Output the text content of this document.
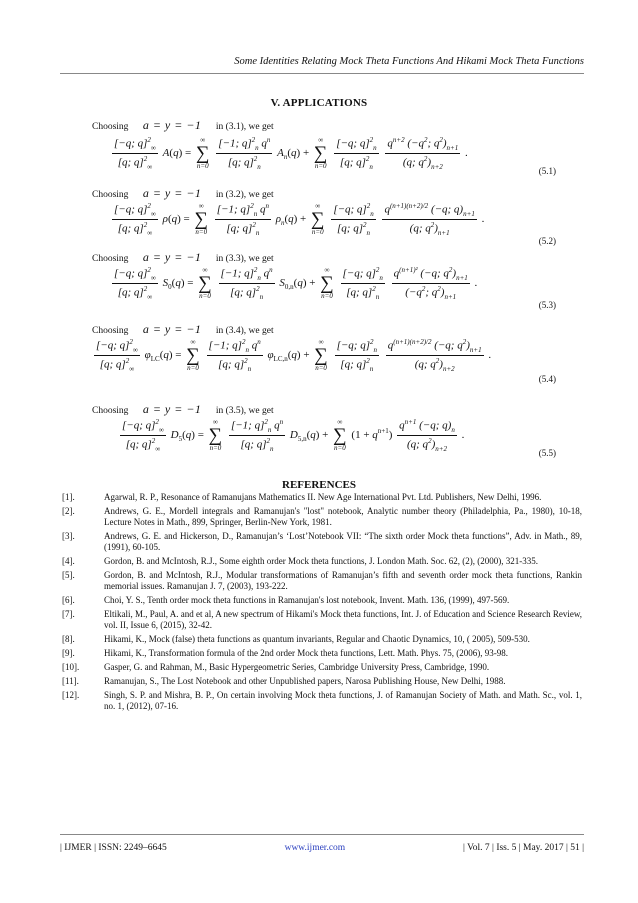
Some Identities Relating Mock Theta Functions And Hikami Mock Theta Functions
V. APPLICATIONS
Choosing a = y = −1 in (3.1), we get
$\frac{[-q; q]^2_\infty}{[q; q]^2_\infty} A(q)$ =
∞
∑
n=0
$\frac{[-1; q]^2_n q^n}{[q; q]^2_n} A_n(q)$ +
∞
∑
n=0
$\frac{[-q; q]^2_n}{[q; q]^2_n}$
$\frac{q^{n+2} (-q^2; q^2)_{n+1}}{(q; q^2)_{n+2}}$ .
(5.1)
Choosing a = y = −1 in (3.2), we get
$\frac{[-q; q]^2_\infty}{[q; q]^2_\infty} \rho(q)$ =
∞
∑
n=0
$\frac{[-1; q]^2_n q^n}{[q; q]^2_n} \rho_n(q)$ +
∞
∑
n=0
$\frac{[-q; q]^2_n}{[q; q]^2_n}$
$\frac{q^{(n+1)(n+2)/2} (-q; q)_{n+1}}{(q; q^2)_{n+1}}$ .
(5.2)
Choosing a = y = −1 in (3.3), we get
$\frac{[-q; q]^2_\infty}{[q; q]^2_\infty} S_0(q)$ =
∞
∑
n=0
$\frac{[-1; q]^2_n q^n}{[q; q]^2_n} S_{0,n}(q)$ +
∞
∑
n=0
$\frac{[-q; q]^2_n}{[q; q]^2_n}$
$\frac{q^{(n+1)^2} (-q; q^2)_{n+1}}{(-q^2; q^2)_{n+1}}$ .
(5.3)
Choosing a = y = −1 in (3.4), we get
$\frac{[-q; q]^2_\infty}{[q; q]^2_\infty} \varphi_{LC}(q)$ =
∞
∑
n=0
$\frac{[-1; q]^2_n q^n}{[q; q]^2_n} \varphi_{LC,n}(q)$ +
∞
∑
n=0
$\frac{[-q; q]^2_n}{[q; q]^2_n}$
$\frac{q^{(n+1)(n+2)/2} (-q; q^2)_{n+1}}{(q; q^2)_{n+2}}$ .
(5.4)
Choosing a = y = −1 in (3.5), we get
$\frac{[-q; q]^2_\infty}{[q; q]^2_\infty} D_5(q)$ =
∞
∑
n=0
$\frac{[-1; q]^2_n q^n}{[q; q]^2_n} D_{5,n}(q)$ +
∞
∑
n=0
$(1 + q^{n+1}) \frac{q^{n+1} (-q; q)_n}{(q; q^2)_{n+2}}$ .
(5.5)
REFERENCES
[1].	Agarwal, R. P., Resonance of Ramanujans Mathematics II. New Age International Pvt. Ltd. Publishers, New Delhi, 1996.
[2].	Andrews, G. E., Mordell integrals and Ramanujan's "lost" notebook, Analytic number theory (Philadelphia, Pa., 1980), 10-18, Lecture Notes in Math., 899, Springer, Berlin-New York, 1981.
[3].	Andrews, G. E. and Hickerson, D., Ramanujan’s ‘Lost’Notebook VII: “The sixth order Mock theta functions”, Adv. in Math., 89, (1991), 60-105.
[4].	Gordon, B. and McIntosh, R.J., Some eighth order Mock theta functions, J. London Math. Soc. 62, (2), (2000), 321-335.
[5].	Gordon, B. and McIntosh, R.J., Modular transformations of Ramanujan’s fifth and seventh order mock theta functions, Rankin memorial issues. Ramanujan J. 7, (2003), 193-222.
[6].	Choi, Y. S., Tenth order mock theta functions in Ramanujan's lost notebook, Invent. Math. 136, (1999), 497-569.
[7].	Eltikali, M., Paul, A. and et al, A new spectrum of Hikami's Mock theta functions, Int. J. of Education and Science Research Review, vol. II, Issue 6, (2015), 32-42.
[8].	Hikami, K., Mock (false) theta functions as quantum invariants, Regular and Chaotic Dynamics, 10, ( 2005), 509-530.
[9].	Hikami, K., Transformation formula of the 2nd order Mock theta functions, Lett. Math. Phys. 75, (2006), 93-98.
[10].	Gasper, G. and Rahman, M., Basic Hypergeometric Series, Cambridge University Press, Cambridge, 1990.
[11].	Ramanujan, S., The Lost Notebook and other Unpublished papers, Narosa Publishing House, New Delhi, 1988.
[12].	Singh, S. P. and Mishra, B. P., On certain involving Mock theta functions, J. of Ramanujan Society of Math. and Math. Sc., vol. 1, no. 1, (2012), 07-16.
| IJMER | ISSN: 2249–6645	www.ijmer.com	| Vol. 7 | Iss. 5 | May. 2017 | 51 |
